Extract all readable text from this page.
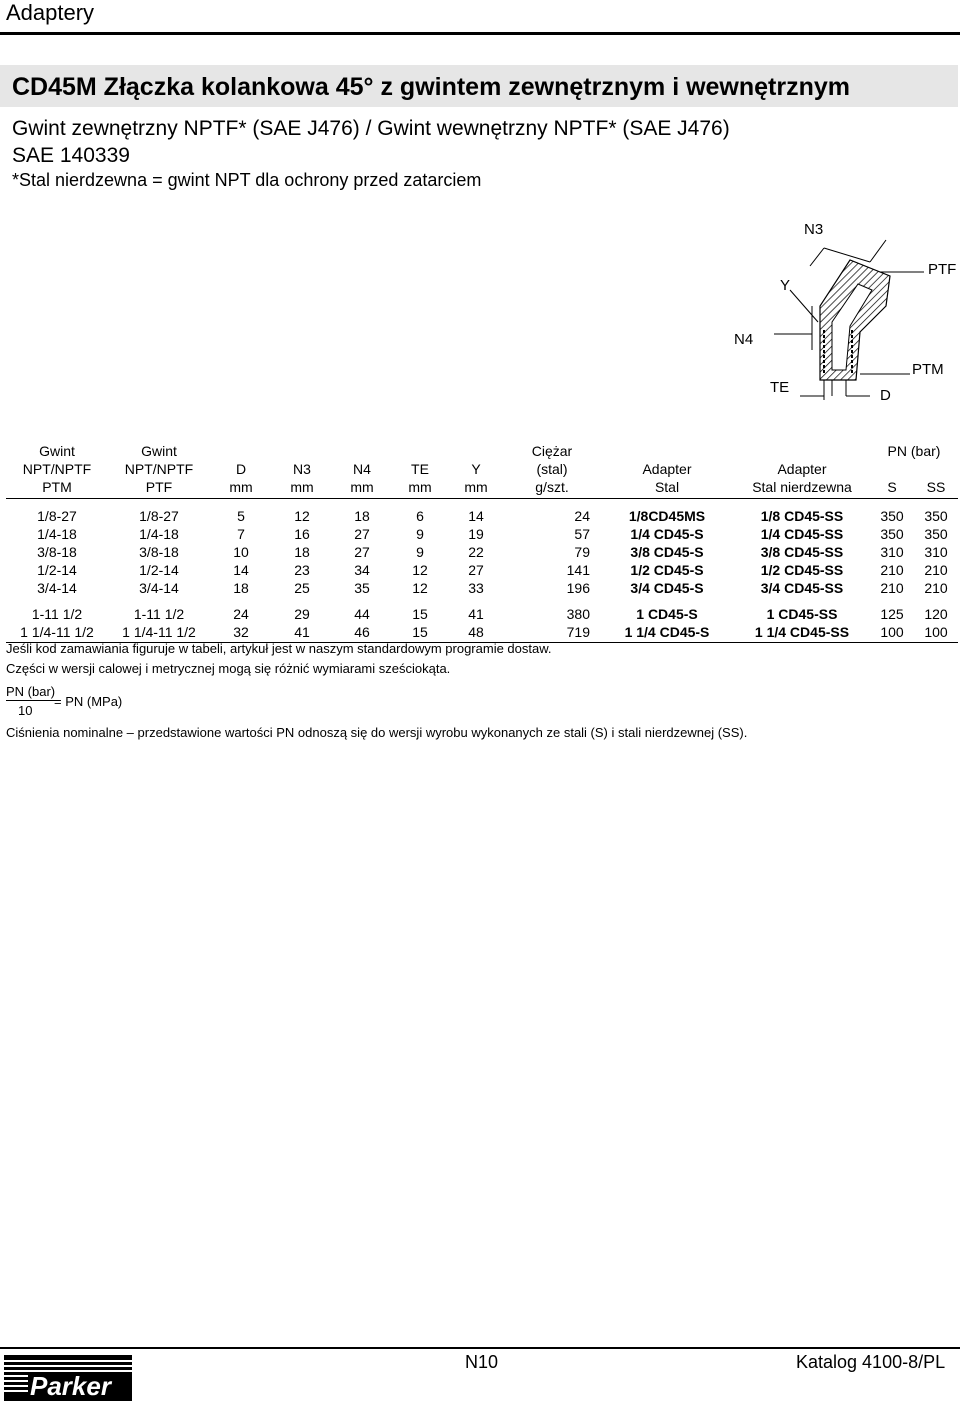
Adaptery
CD45M Złączka kolankowa 45° z gwintem zewnętrznym i wewnętrznym
Gwint zewnętrzny NPTF* (SAE J476) / Gwint wewnętrzny NPTF* (SAE J476)
SAE 140339
*Stal nierdzewna = gwint NPT dla ochrony przed zatarciem
N3
Y
PTF
N4
TE	D
PTM
Gwint	Gwint						Ciężar			PN (bar)	
NPT/NPTF	NPT/NPTF	D	N3	N4	TE	Y	(stal)	Adapter	Adapter		
PTM	PTF	mm	mm	mm	mm	mm	g/szt.	Stal	Stal nierdzewna	S	SS
1/8-27	1/8-27	5	12	18	6	14	24	1/8CD45MS	1/8 CD45-SS	350	350
1/4-18	1/4-18	7	16	27	9	19	57	1/4 CD45-S	1/4 CD45-SS	350	350
3/8-18	3/8-18	10	18	27	9	22	79	3/8 CD45-S	3/8 CD45-SS	310	310
1/2-14	1/2-14	14	23	34	12	27	141	1/2 CD45-S	1/2 CD45-SS	210	210
3/4-14	3/4-14	18	25	35	12	33	196	3/4 CD45-S	3/4 CD45-SS	210	210
1-11 1/2	1-11 1/2	24	29	44	15	41	380	1 CD45-S	1 CD45-SS	125	120
1 1/4-11 1/2	1 1/4-11 1/2	32	41	46	15	48	719	1 1/4 CD45-S	1 1/4 CD45-SS	100	100
Jeśli kod zamawiania figuruje w tabeli, artykuł jest w naszym standardowym programie dostaw.
Części w wersji calowej i metrycznej mogą się różnić wymiarami sześciokąta.
PN (bar)
10
= PN (MPa)
Ciśnienia nominalne – przedstawione wartości PN odnoszą się do wersji wyrobu wykonanych ze stali (S) i stali nierdzewnej (SS).
Parker
N10	Katalog 4100-8/PL
